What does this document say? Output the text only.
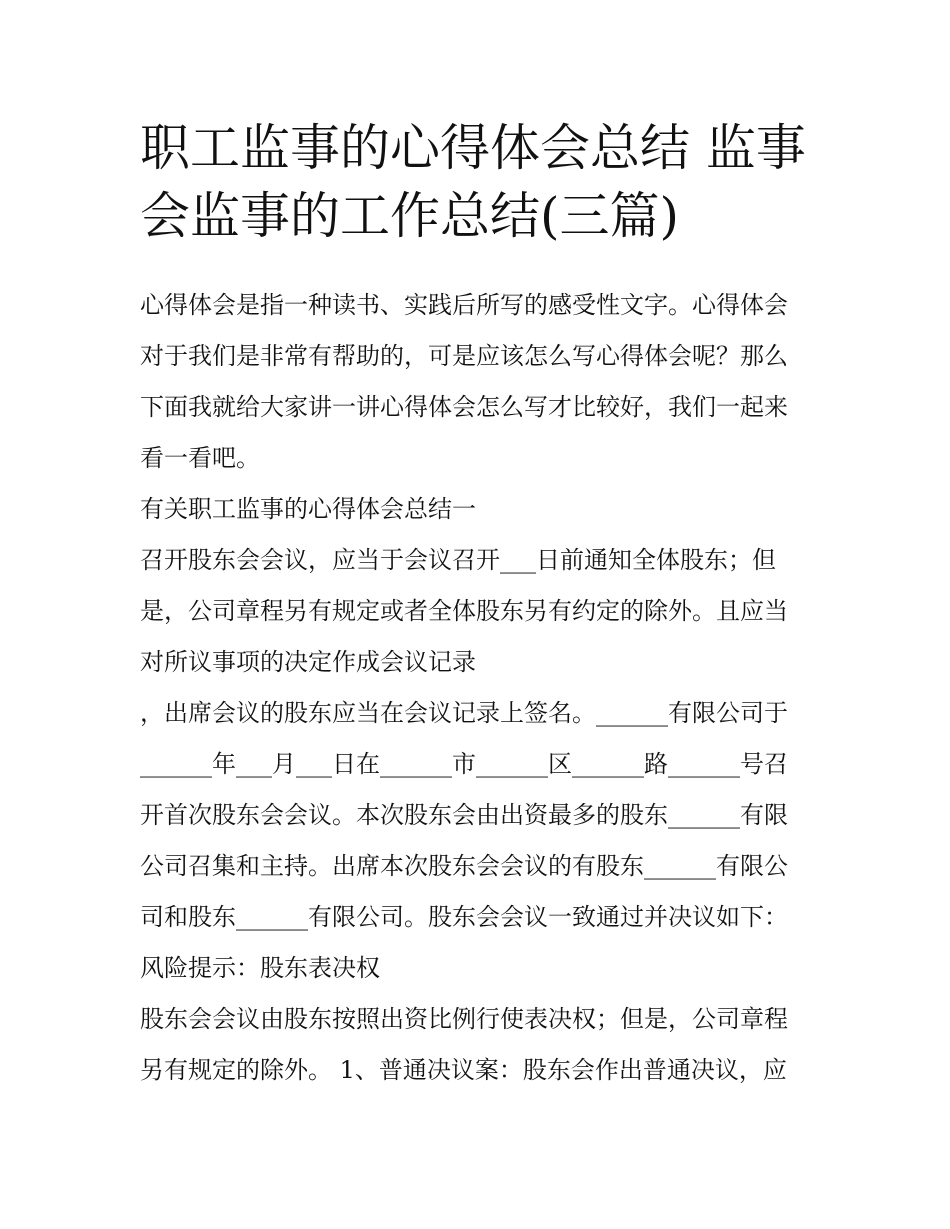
职工监事的心得体会总结 监事
会监事的工作总结(三篇)
心得体会是指一种读书、实践后所写的感受性文字。心得体会
对于我们是非常有帮助的，可是应该怎么写心得体会呢？那么
下面我就给大家讲一讲心得体会怎么写才比较好，我们一起来
看一看吧。
有关职工监事的心得体会总结一
召开股东会会议，应当于会议召开___日前通知全体股东；但
是，公司章程另有规定或者全体股东另有约定的除外。且应当
对所议事项的决定作成会议记录
，出席会议的股东应当在会议记录上签名。______有限公司于
______年___月___日在______市______区______路______号召
开首次股东会会议。本次股东会由出资最多的股东______有限
公司召集和主持。出席本次股东会会议的有股东______有限公
司和股东______有限公司。股东会会议一致通过并决议如下：
风险提示：股东表决权
股东会会议由股东按照出资比例行使表决权；但是，公司章程
另有规定的除外。 1、普通决议案：股东会作出普通决议，应
